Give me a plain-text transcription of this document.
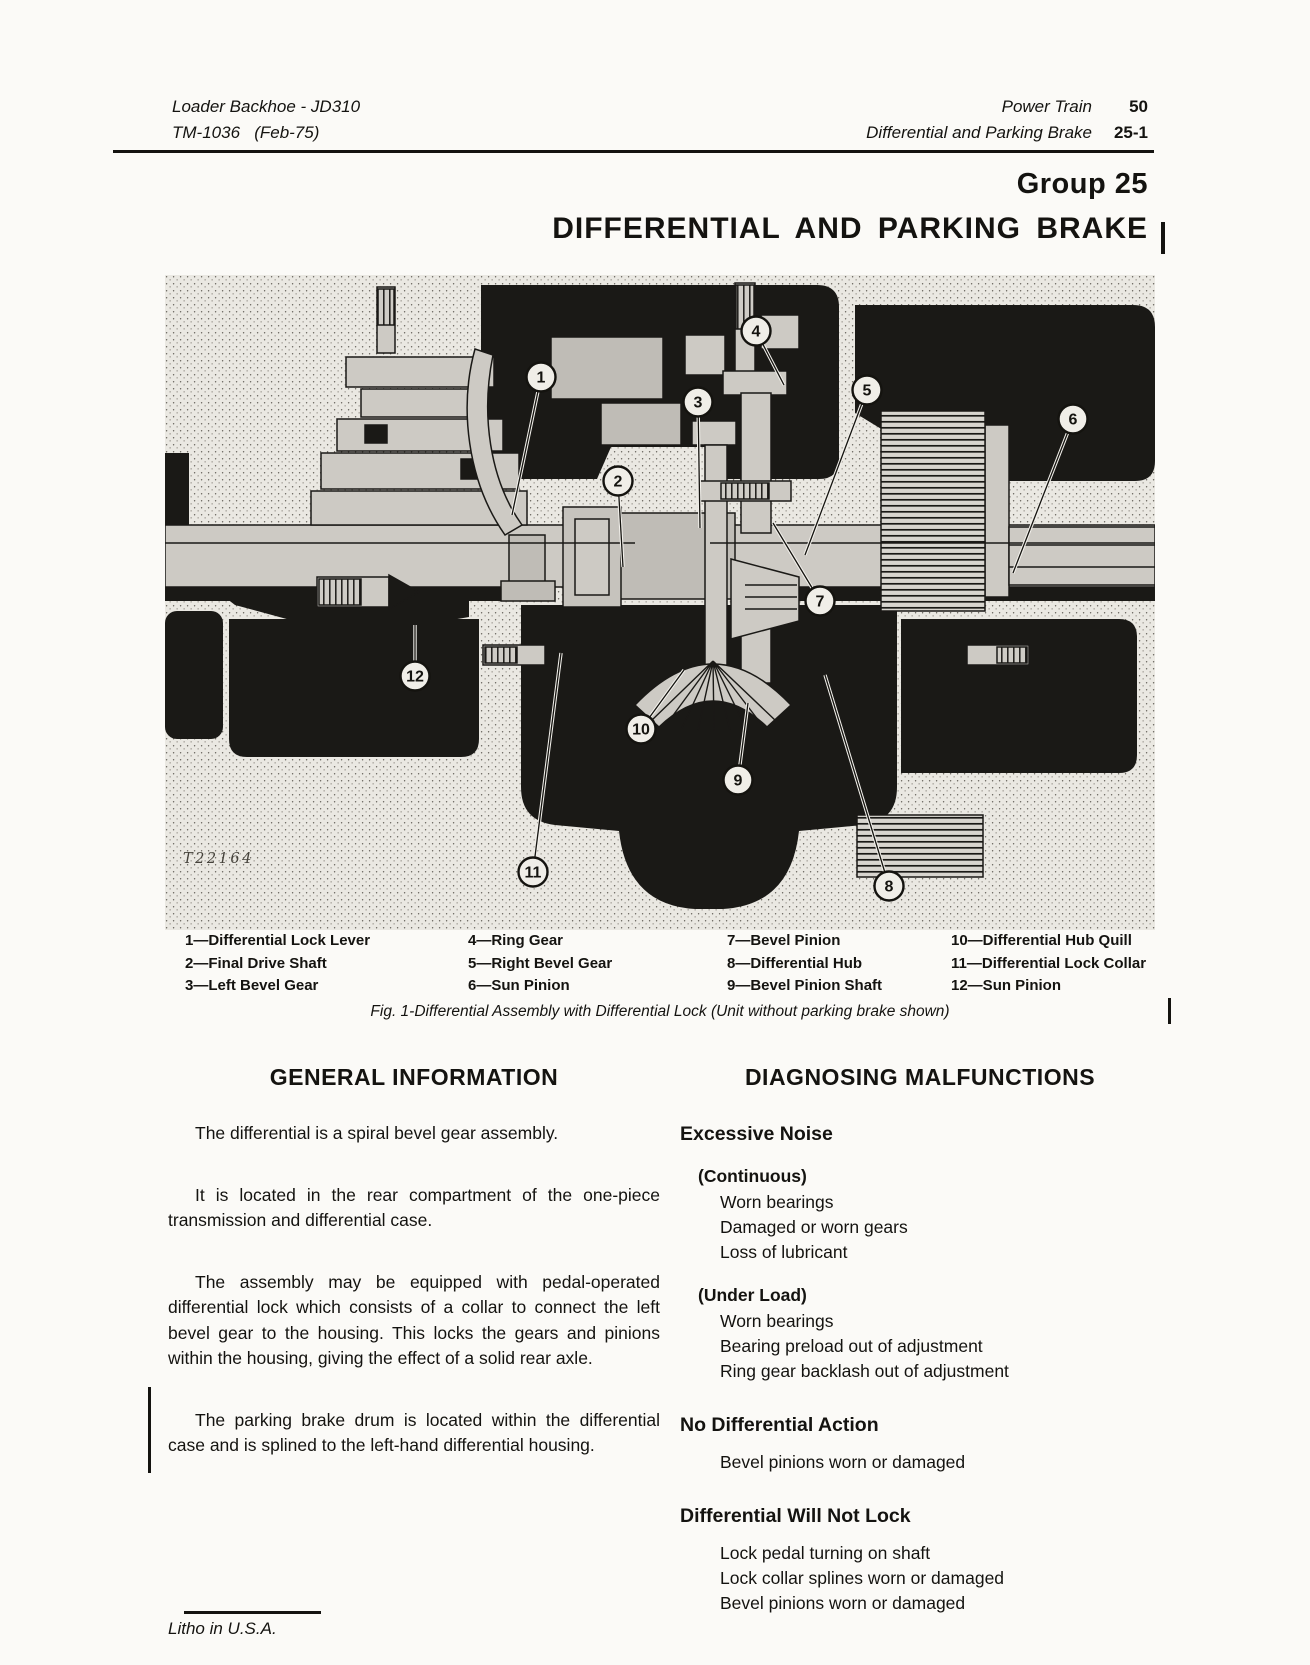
Loader Backhoe - JD310
TM-1036   (Feb-75)
Power Train	50
Differential and Parking Brake	25-1
Group 25
DIFFERENTIAL AND PARKING BRAKE
T22164
1
2
3
4
5
6
7
8
9
10
11
12
1—Differential Lock Lever
2—Final Drive Shaft
3—Left Bevel Gear
4—Ring Gear
5—Right Bevel Gear
6—Sun Pinion
7—Bevel Pinion
8—Differential Hub
9—Bevel Pinion Shaft
10—Differential Hub Quill
11—Differential Lock Collar
12—Sun Pinion
Fig. 1-Differential Assembly with Differential Lock (Unit without parking brake shown)
GENERAL INFORMATION

The differential is a spiral bevel gear assembly.

It is located in the rear compartment of the one-piece transmission and differential case.

The assembly may be equipped with pedal-operated differential lock which consists of a collar to connect the left bevel gear to the housing. This locks the gears and pinions within the housing, giving the effect of a solid rear axle.

The parking brake drum is located within the differential case and is splined to the left-hand differential housing.

DIAGNOSING MALFUNCTIONS
Excessive Noise
(Continuous)
Worn bearings
Damaged or worn gears
Loss of lubricant
(Under Load)
Worn bearings
Bearing preload out of adjustment
Ring gear backlash out of adjustment
No Differential Action
Bevel pinions worn or damaged
Differential Will Not Lock
Lock pedal turning on shaft
Lock collar splines worn or damaged
Bevel pinions worn or damaged
Litho in U.S.A.
